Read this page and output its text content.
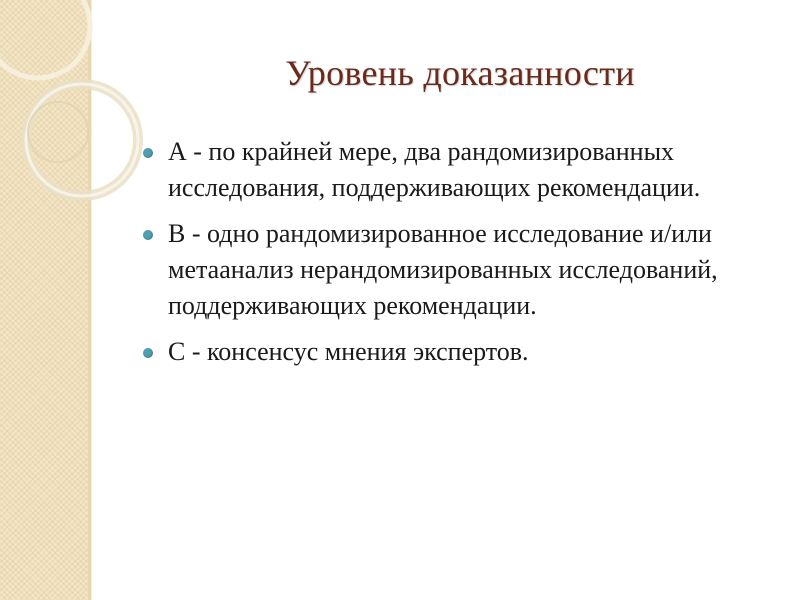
Уровень доказанности
А - по крайней мере, два рандомизированных исследования, поддерживающих рекомендации.
В - одно рандомизированное исследование и/или метаанализ нерандомизированных исследований, поддерживающих рекомендации.
С - консенсус мнения экспертов.
